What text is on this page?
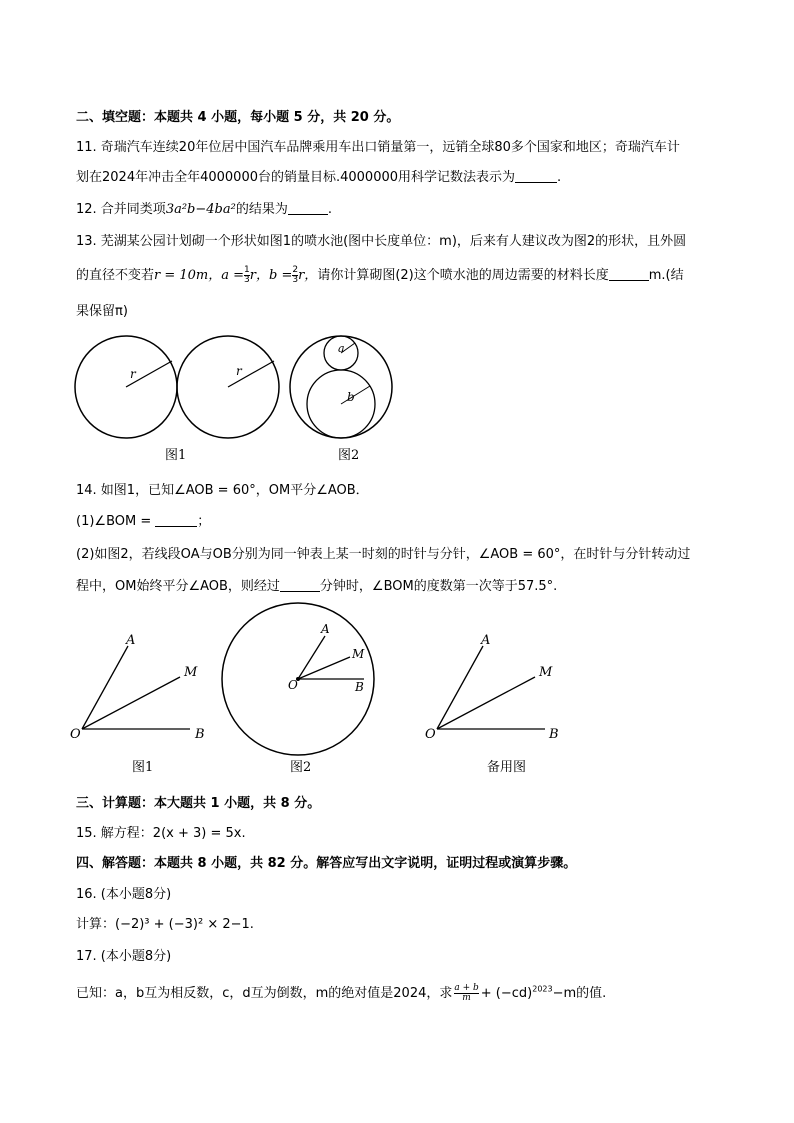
二、填空题：本题共 4 小题，每小题 5 分，共 20 分。
11. 奇瑞汽车连续20年位居中国汽车品牌乘用车出口销量第一，远销全球80多个国家和地区；奇瑞汽车计
划在2024年冲击全年4000000台的销量目标.4000000用科学记数法表示为	.
12. 合并同类项3a²b−4ba²的结果为	.
13. 芜湖某公园计划砌一个形状如图1的喷水池(图中长度单位：m)，后来有人建议改为图2的形状，且外圆
的直径不变若r = 10m，$a = \frac{1}{3}$ r，$b = \frac{2}{3}$ r，请你计算砌图(2)这个喷水池的周边需要的材料长度	m.(结
果保留π)
r	r
图1
a
b
图2
14. 如图1，已知∠AOB = 60°，OM平分∠AOB．
(1)∠BOM =	；
(2)如图2，若线段OA与OB分别为同一钟表上某一时刻的时针与分针，∠AOB = 60°，在时针与分针转动过
程中，OM始终平分∠AOB，则经过	分钟时，∠BOM的度数第一次等于57.5°.
A
M
O	B
图1
A
M
O	B
图2
A
M
O	B
备用图
三、计算题：本大题共 1 小题，共 8 分。
15. 解方程：2(x + 3) = 5x.
四、解答题：本题共 8 小题，共 82 分。解答应写出文字说明，证明过程或演算步骤。
16. (本小题8分)
计算：(−2)³ + (−3)² × 2−1.
17. (本小题8分)
已知：a，b互为相反数，c，d互为倒数，m的绝对值是2024，求 $\frac{a + b}{m} + (-cd)^{2023}-m$的值.
